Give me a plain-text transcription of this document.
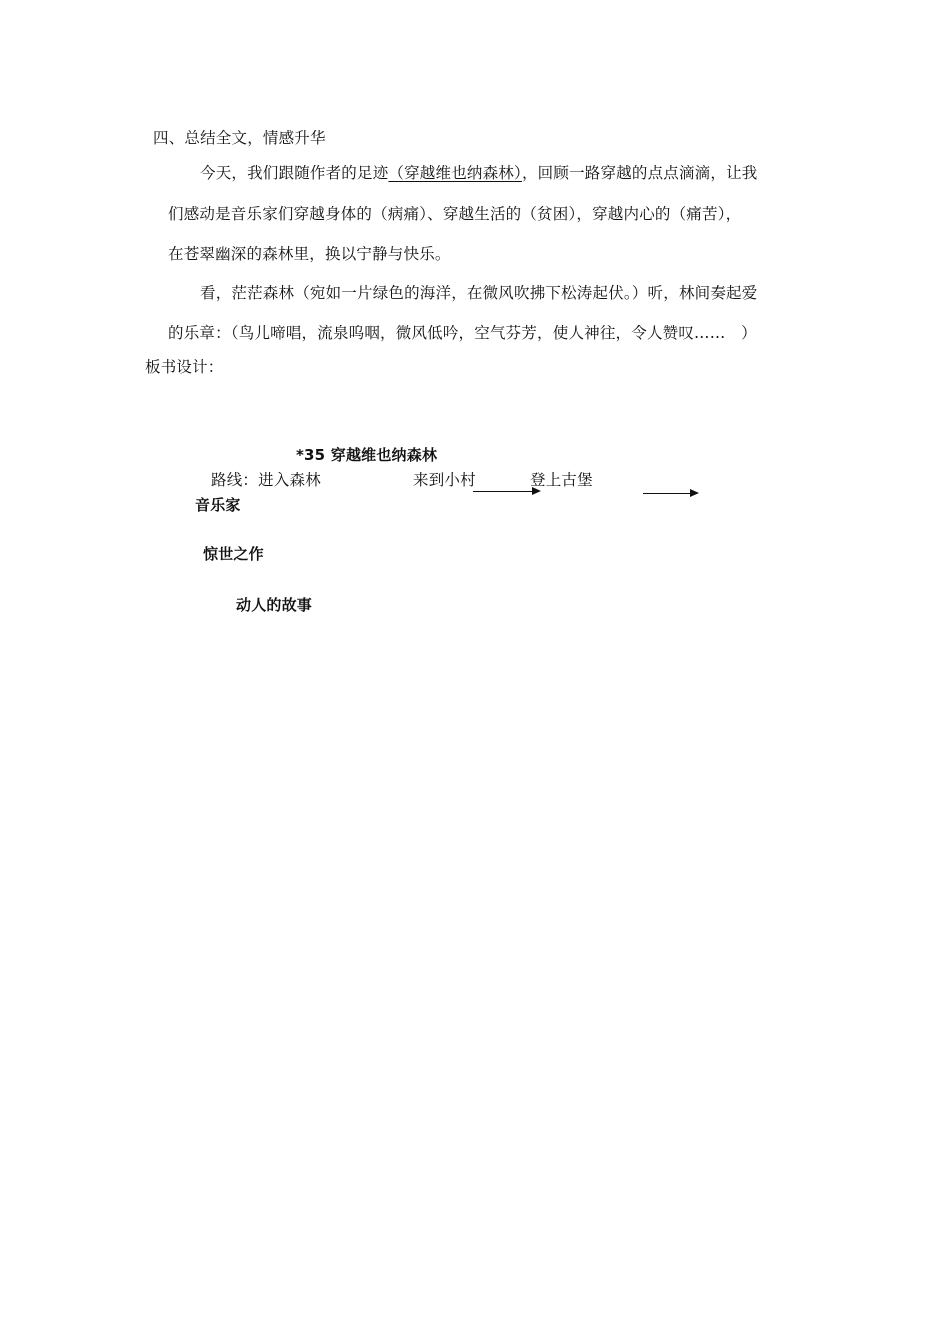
四、总结全文，情感升华
今天，我们跟随作者的足迹（穿越维也纳森林），回顾一路穿越的点点滴滴，让我
们感动是音乐家们穿越身体的（病痛）、穿越生活的（贫困），穿越内心的（痛苦），
在苍翠幽深的森林里，换以宁静与快乐。
看，茫茫森林（宛如一片绿色的海洋，在微风吹拂下松涛起伏。）听，林间奏起爱
的乐章：（鸟儿啼唱，流泉呜咽，微风低吟，空气芬芳，使人神往，令人赞叹……　）
板书设计：
*35 穿越维也纳森林
路线：进入森林	来到小村	登上古堡
音乐家
惊世之作
动人的故事
